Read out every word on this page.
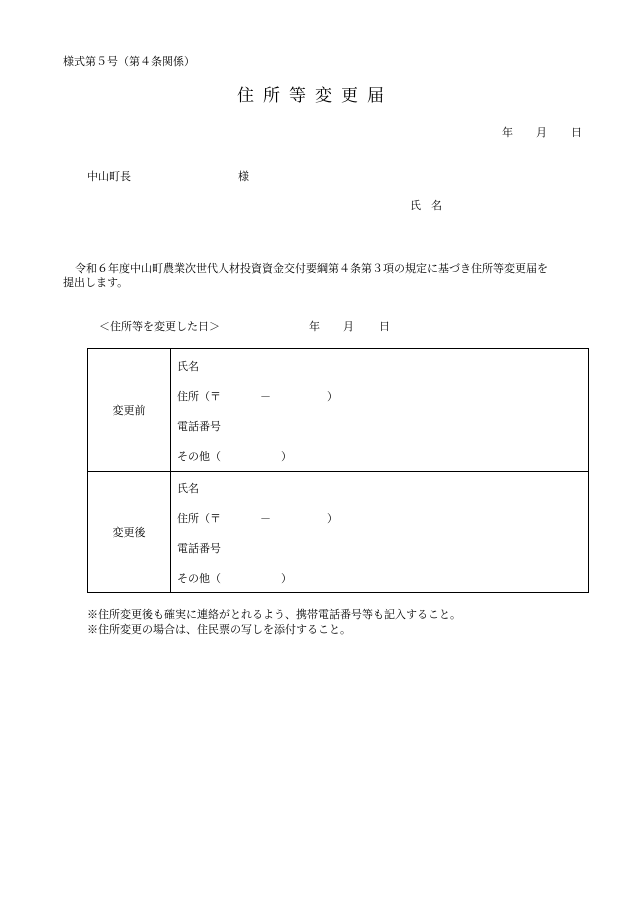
様式第５号（第４条関係）
住所等変更届
年 月 日
中山町長	様
氏名
令和６年度中山町農業次世代人材投資資金交付要綱第４条第３項の規定に基づき住所等変更届を
提出します。
＜住所等を変更した日＞	年 月 日
変更前
氏名
住所（〒	－	）
電話番号
その他（	）
変更後
氏名
住所（〒	－	）
電話番号
その他（	）
※住所変更後も確実に連絡がとれるよう、携帯電話番号等も記入すること。
※住所変更の場合は、住民票の写しを添付すること。
